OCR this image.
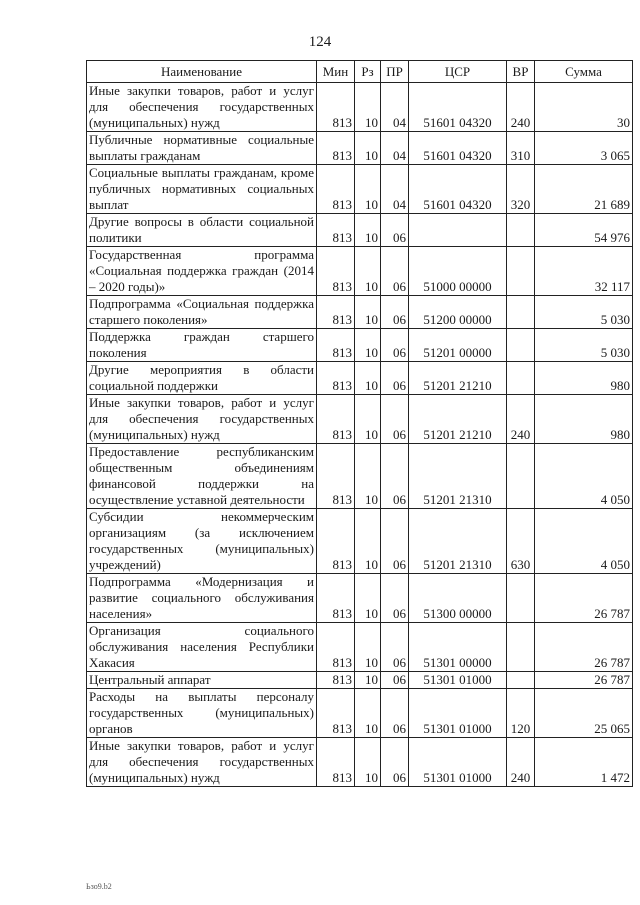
124
Наименование	Мин	Рз	ПР	ЦСР	ВР	Сумма
Иные закупки товаров, работ и услуг для обеспечения государственных (муниципальных) нужд	813	10	04	51601 04320	240	30
Публичные нормативные социальные выплаты гражданам	813	10	04	51601 04320	310	3 065
Социальные выплаты гражданам, кроме публичных нормативных социальных выплат	813	10	04	51601 04320	320	21 689
Другие вопросы в области социальной политики	813	10	06			54 976
Государственная программа «Социальная поддержка граждан (2014 – 2020 годы)»	813	10	06	51000 00000		32 117
Подпрограмма «Социальная поддержка старшего поколения»	813	10	06	51200 00000		5 030
Поддержка граждан старшего поколения	813	10	06	51201 00000		5 030
Другие мероприятия в области социальной поддержки	813	10	06	51201 21210		980
Иные закупки товаров, работ и услуг для обеспечения государственных (муниципальных) нужд	813	10	06	51201 21210	240	980
Предоставление республиканским общественным объединениям финансовой поддержки на осуществление уставной деятельности	813	10	06	51201 21310		4 050
Субсидии некоммерческим организациям (за исключением государственных (муниципальных) учреждений)	813	10	06	51201 21310	630	4 050
Подпрограмма «Модернизация и развитие социального обслуживания населения»	813	10	06	51300 00000		26 787
Организация социального обслуживания населения Республики Хакасия	813	10	06	51301 00000		26 787
Центральный аппарат	813	10	06	51301 01000		26 787
Расходы на выплаты персоналу государственных (муниципальных) органов	813	10	06	51301 01000	120	25 065
Иные закупки товаров, работ и услуг для обеспечения государственных (муниципальных) нужд	813	10	06	51301 01000	240	1 472
Ьзо9.b2
